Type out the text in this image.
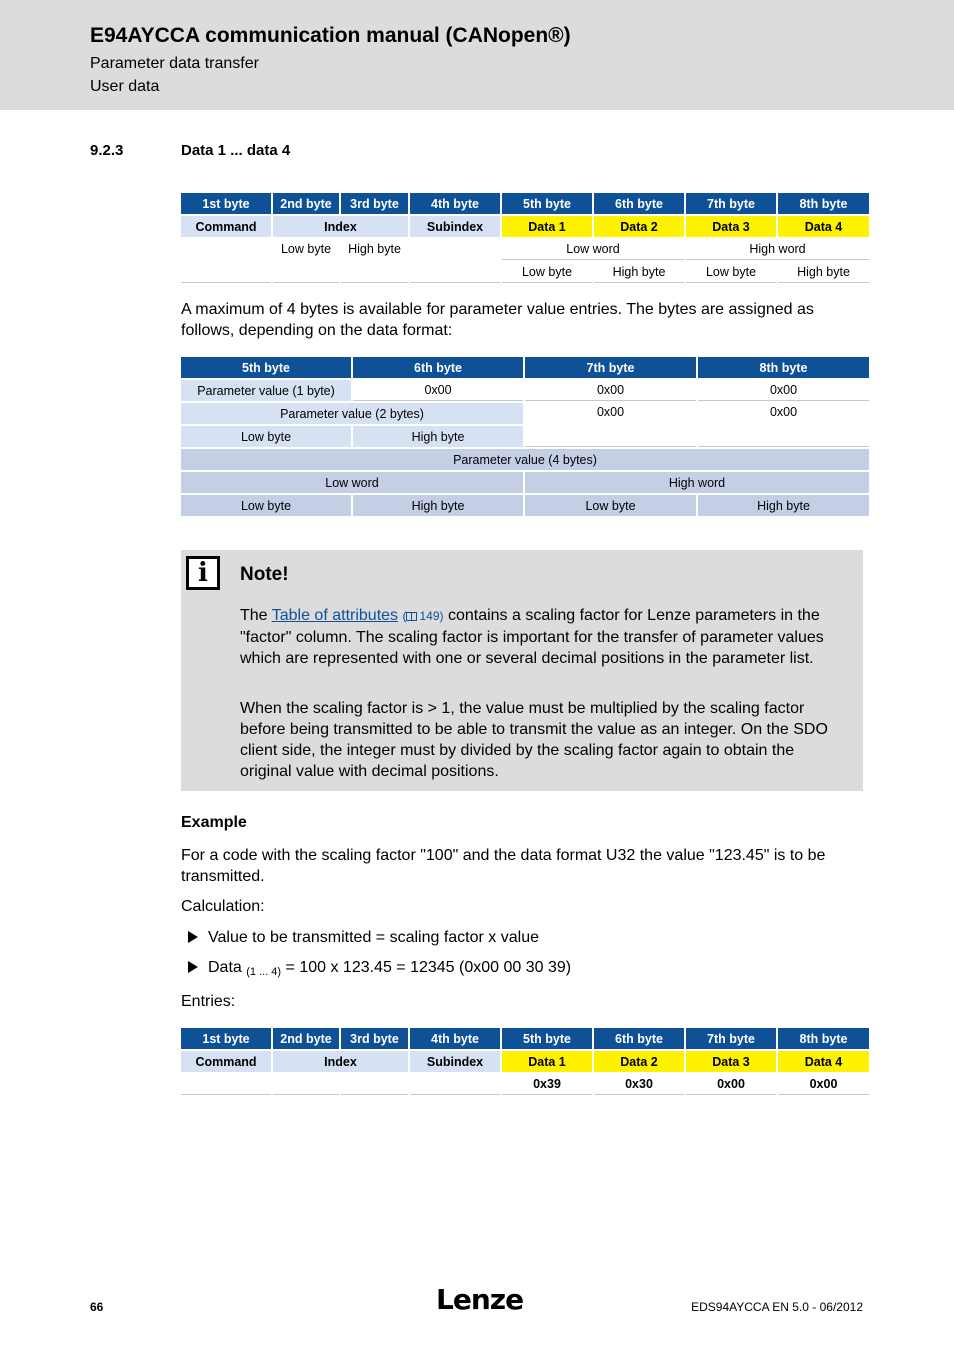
E94AYCCA communication manual (CANopen®)
Parameter data transfer
User data
9.2.3	Data 1 ... data 4
1st byte	2nd byte	3rd byte	4th byte	5th byte	6th byte	7th byte	8th byte
Command	Index		Subindex	Data 1	Data 2	Data 3	Data 4
	Low byte	High byte		Low word		High word	
				Low byte	High byte	Low byte	High byte
A maximum of 4 bytes is available for parameter value entries. The bytes are assigned as follows, depending on the data format:
5th byte	6th byte	7th byte	8th byte
Parameter value (1 byte)	0x00	0x00	0x00
Parameter value (2 bytes)		0x00	0x00
Low byte	High byte		
Parameter value (4 bytes)			
Low word		High word	
Low byte	High byte	Low byte	High byte
i	Note!
The Table of attributes ( 149) contains a scaling factor for Lenze parameters in the "factor" column. The scaling factor is important for the transfer of parameter values which are represented with one or several decimal positions in the parameter list.
When the scaling factor is > 1, the value must be multiplied by the scaling factor before being transmitted to be able to transmit the value as an integer. On the SDO client side, the integer must by divided by the scaling factor again to obtain the original value with decimal positions.
Example
For a code with the scaling factor "100" and the data format U32 the value "123.45" is to be transmitted.
Calculation:
Value to be transmitted = scaling factor x value
Data (1 ... 4) = 100 x 123.45 = 12345 (0x00 00 30 39)
Entries:
1st byte	2nd byte	3rd byte	4th byte	5th byte	6th byte	7th byte	8th byte
Command	Index		Subindex	Data 1	Data 2	Data 3	Data 4
				0x39	0x30	0x00	0x00
66	Lenze	EDS94AYCCA EN 5.0 - 06/2012
